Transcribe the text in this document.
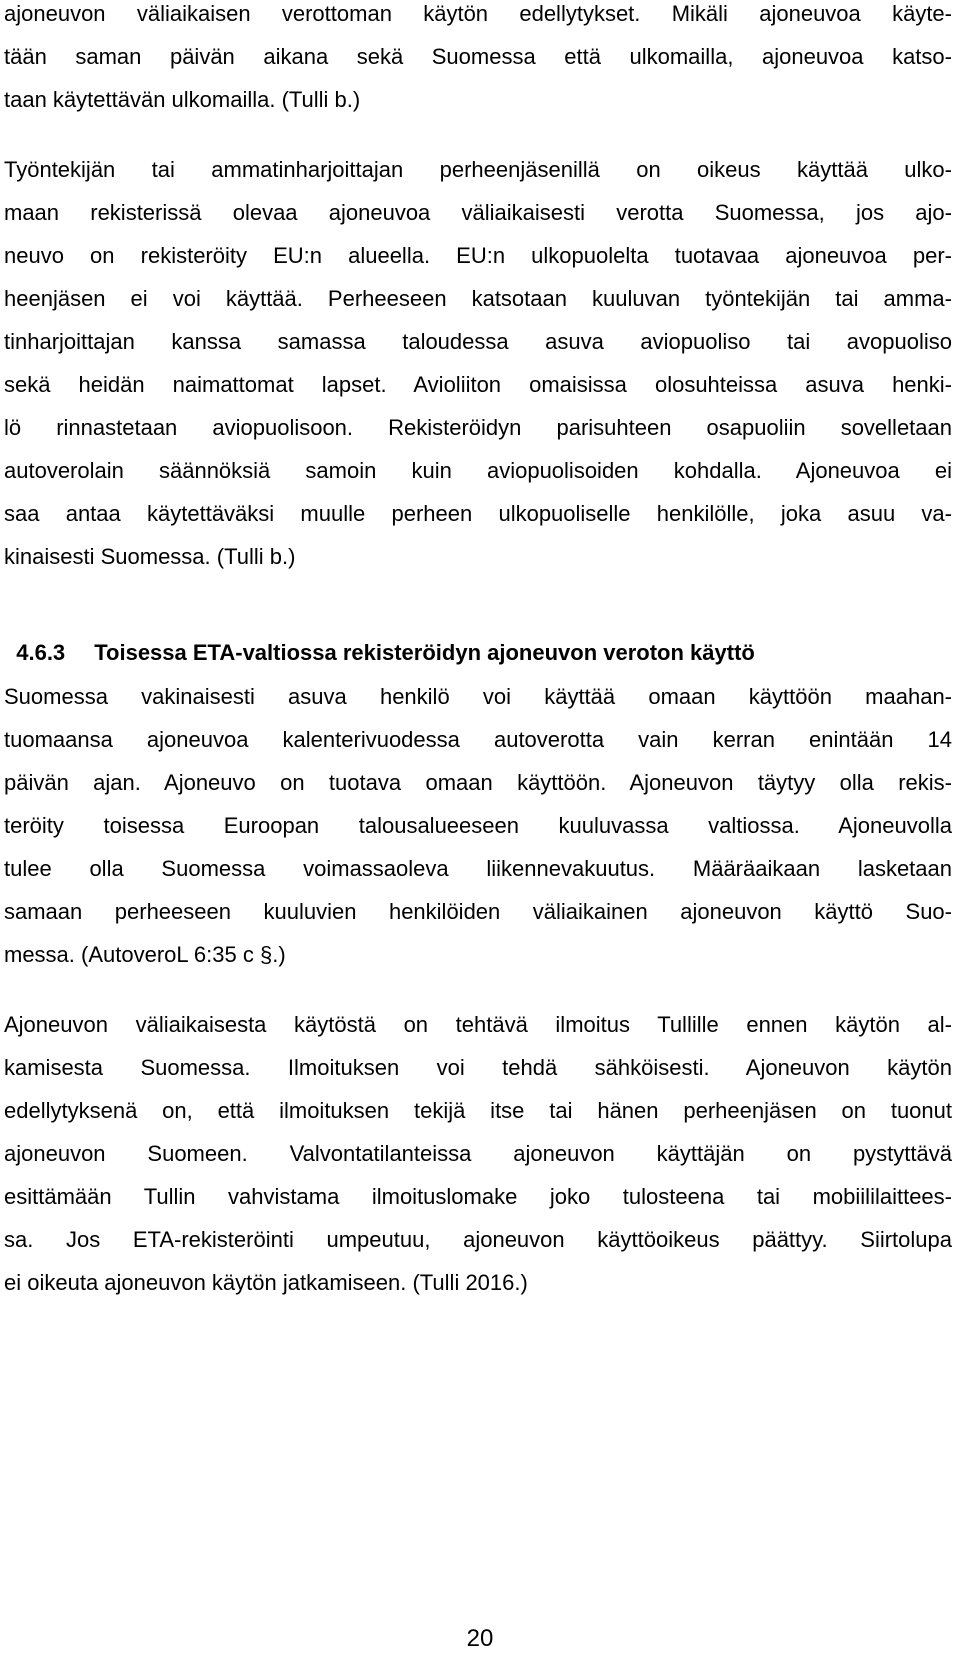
ajoneuvon väliaikaisen verottoman käytön edellytykset. Mikäli ajoneuvoa käyte-
tään saman päivän aikana sekä Suomessa että ulkomailla, ajoneuvoa katso-
taan käytettävän ulkomailla. (Tulli b.)
Työntekijän tai ammatinharjoittajan perheenjäsenillä on oikeus käyttää ulko-
maan rekisterissä olevaa ajoneuvoa väliaikaisesti verotta Suomessa, jos ajo-
neuvo on rekisteröity EU:n alueella. EU:n ulkopuolelta tuotavaa ajoneuvoa per-
heenjäsen ei voi käyttää. Perheeseen katsotaan kuuluvan työntekijän tai amma-
tinharjoittajan kanssa samassa taloudessa asuva aviopuoliso tai avopuoliso
sekä heidän naimattomat lapset. Avioliiton omaisissa olosuhteissa asuva henki-
lö rinnastetaan aviopuolisoon. Rekisteröidyn parisuhteen osapuoliin sovelletaan
autoverolain säännöksiä samoin kuin aviopuolisoiden kohdalla. Ajoneuvoa ei
saa antaa käytettäväksi muulle perheen ulkopuoliselle henkilölle, joka asuu va-
kinaisesti Suomessa. (Tulli b.)

4.6.3 Toisessa ETA-valtiossa rekisteröidyn ajoneuvon veroton käyttö

Suomessa vakinaisesti asuva henkilö voi käyttää omaan käyttöön maahan-
tuomaansa ajoneuvoa kalenterivuodessa autoverotta vain kerran enintään 14
päivän ajan. Ajoneuvo on tuotava omaan käyttöön. Ajoneuvon täytyy olla rekis-
teröity toisessa Euroopan talousalueeseen kuuluvassa valtiossa. Ajoneuvolla
tulee olla Suomessa voimassaoleva liikennevakuutus. Määräaikaan lasketaan
samaan perheeseen kuuluvien henkilöiden väliaikainen ajoneuvon käyttö Suo-
messa. (AutoveroL 6:35 c §.)
Ajoneuvon väliaikaisesta käytöstä on tehtävä ilmoitus Tullille ennen käytön al-
kamisesta Suomessa. Ilmoituksen voi tehdä sähköisesti. Ajoneuvon käytön
edellytyksenä on, että ilmoituksen tekijä itse tai hänen perheenjäsen on tuonut
ajoneuvon Suomeen. Valvontatilanteissa ajoneuvon käyttäjän on pystyttävä
esittämään Tullin vahvistama ilmoituslomake joko tulosteena tai mobiililaittees-
sa. Jos ETA-rekisteröinti umpeutuu, ajoneuvon käyttöoikeus päättyy. Siirtolupa
ei oikeuta ajoneuvon käytön jatkamiseen. (Tulli 2016.)
20
